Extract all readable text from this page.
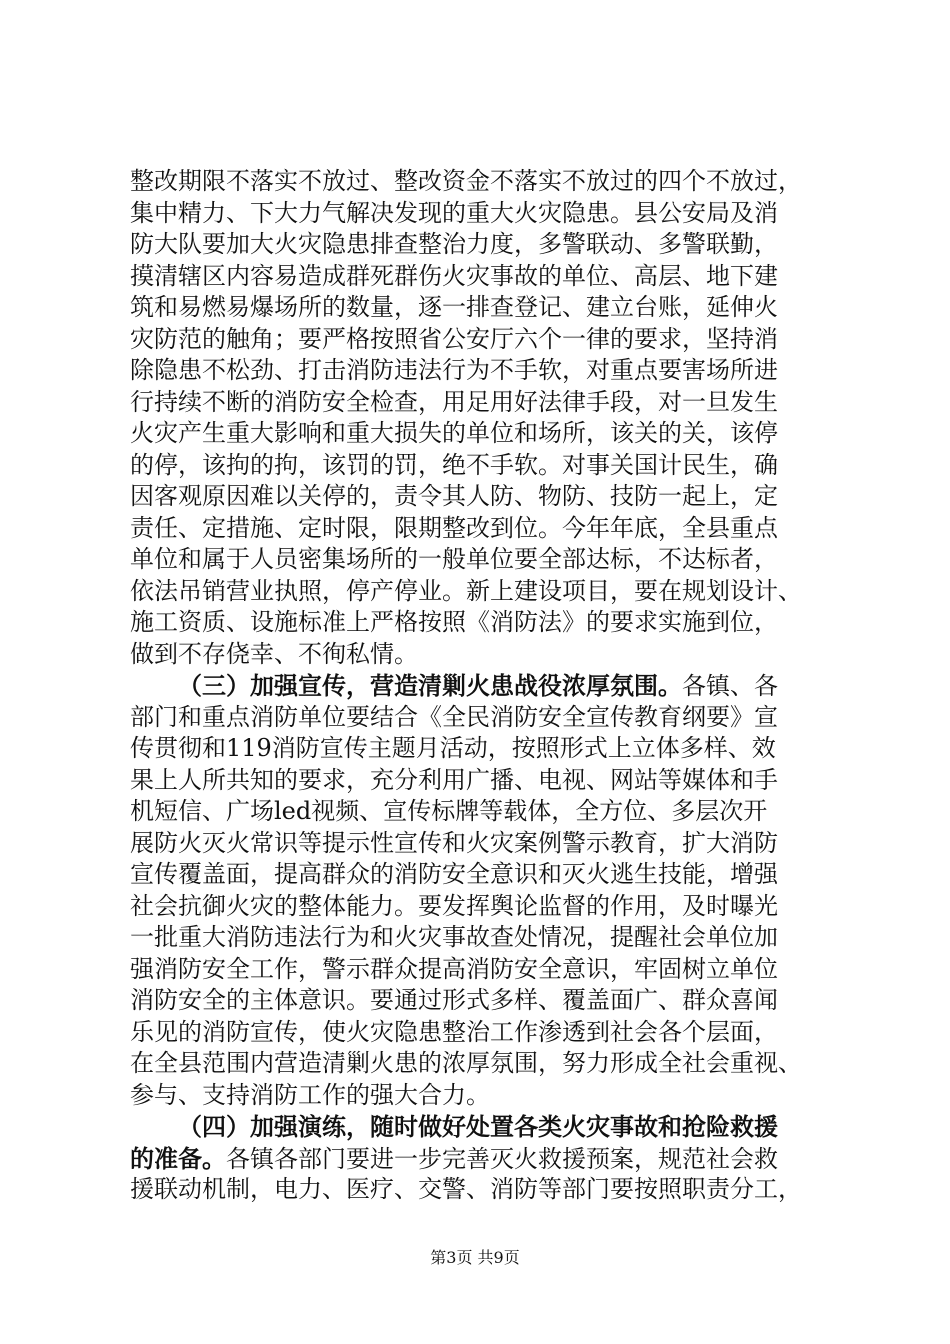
整改期限不落实不放过、整改资金不落实不放过的四个不放过，
集中精力、下大力气解决发现的重大火灾隐患。县公安局及消
防大队要加大火灾隐患排查整治力度，多警联动、多警联勤，
摸清辖区内容易造成群死群伤火灾事故的单位、高层、地下建
筑和易燃易爆场所的数量，逐一排查登记、建立台账，延伸火
灾防范的触角；要严格按照省公安厅六个一律的要求，坚持消
除隐患不松劲、打击消防违法行为不手软，对重点要害场所进
行持续不断的消防安全检查，用足用好法律手段，对一旦发生
火灾产生重大影响和重大损失的单位和场所，该关的关，该停
的停，该拘的拘，该罚的罚，绝不手软。对事关国计民生，确
因客观原因难以关停的，责令其人防、物防、技防一起上，定
责任、定措施、定时限，限期整改到位。今年年底，全县重点
单位和属于人员密集场所的一般单位要全部达标，不达标者，
依法吊销营业执照，停产停业。新上建设项目，要在规划设计、
施工资质、设施标准上严格按照《消防法》的要求实施到位，
做到不存侥幸、不徇私情。
（三）加强宣传，营造清剿火患战役浓厚氛围。各镇、各
部门和重点消防单位要结合《全民消防安全宣传教育纲要》宣
传贯彻和119消防宣传主题月活动，按照形式上立体多样、效
果上人所共知的要求，充分利用广播、电视、网站等媒体和手
机短信、广场led视频、宣传标牌等载体，全方位、多层次开
展防火灭火常识等提示性宣传和火灾案例警示教育，扩大消防
宣传覆盖面，提高群众的消防安全意识和灭火逃生技能，增强
社会抗御火灾的整体能力。要发挥舆论监督的作用，及时曝光
一批重大消防违法行为和火灾事故查处情况，提醒社会单位加
强消防安全工作，警示群众提高消防安全意识，牢固树立单位
消防安全的主体意识。要通过形式多样、覆盖面广、群众喜闻
乐见的消防宣传，使火灾隐患整治工作渗透到社会各个层面，
在全县范围内营造清剿火患的浓厚氛围，努力形成全社会重视、
参与、支持消防工作的强大合力。
（四）加强演练，随时做好处置各类火灾事故和抢险救援
的准备。各镇各部门要进一步完善灭火救援预案，规范社会救
援联动机制，电力、医疗、交警、消防等部门要按照职责分工，
第3页 共9页
